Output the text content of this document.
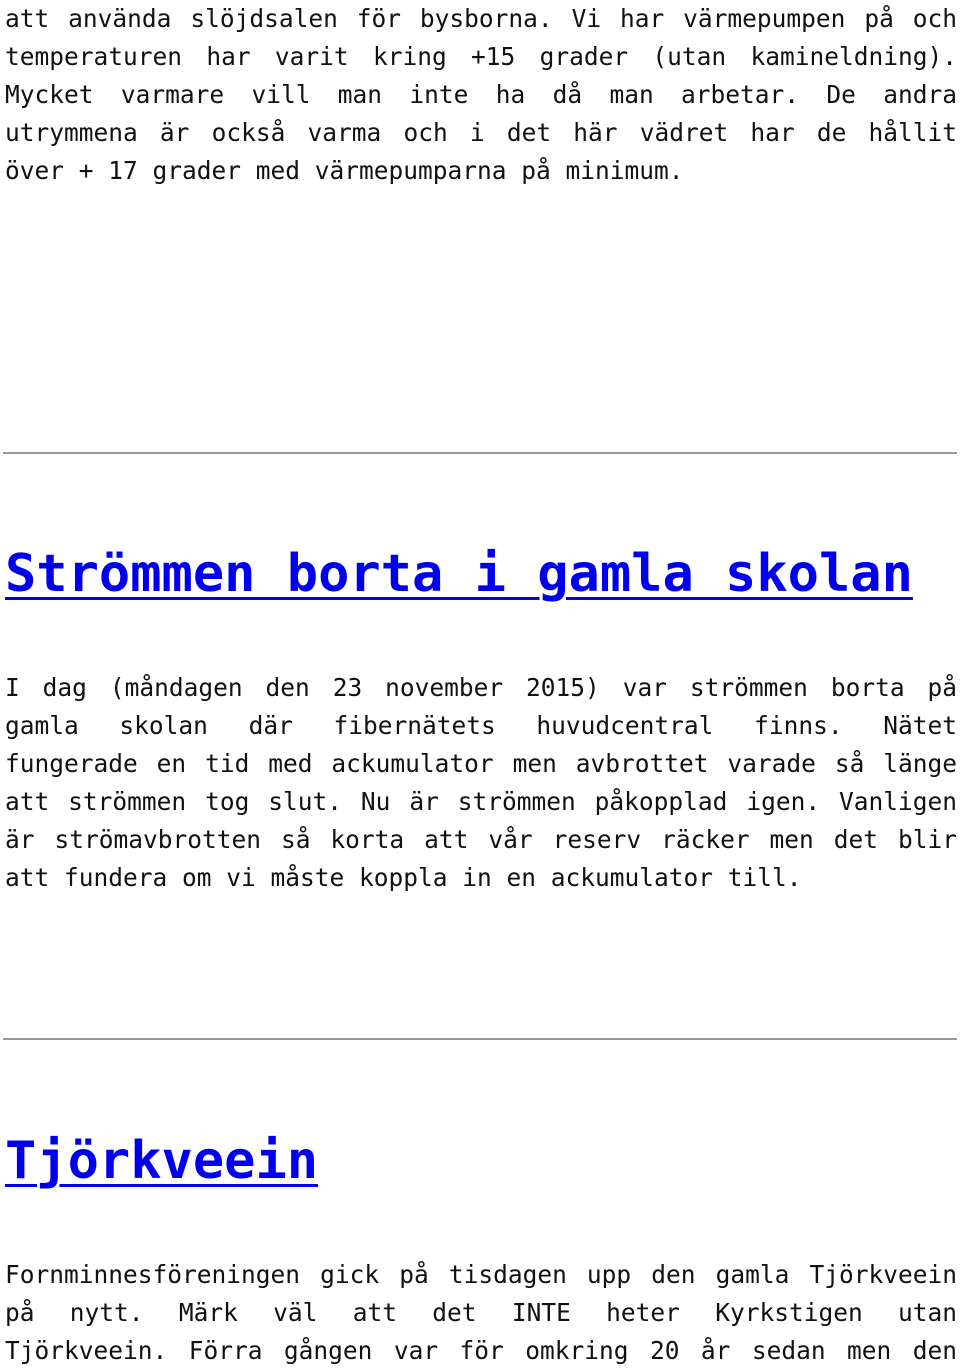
att använda slöjdsalen för bysborna. Vi har värmepumpen på och
temperaturen har varit kring +15 grader (utan kamineldning).
Mycket varmare vill man inte ha då man arbetar. De andra
utrymmena är också varma och i det här vädret har de hållit
över + 17 grader med värmepumparna på minimum.
Strömmen borta i gamla skolan
I dag (måndagen den 23 november 2015) var strömmen borta på
gamla skolan där fibernätets huvudcentral finns. Nätet
fungerade en tid med ackumulator men avbrottet varade så länge
att strömmen tog slut. Nu är strömmen påkopplad igen. Vanligen
är strömavbrotten så korta att vår reserv räcker men det blir
att fundera om vi måste koppla in en ackumulator till.
Tjörkveein
Fornminnesföreningen gick på tisdagen upp den gamla Tjörkveein
på nytt. Märk väl att det INTE heter Kyrkstigen utan
Tjörkveein. Förra gången var för omkring 20 år sedan men den
